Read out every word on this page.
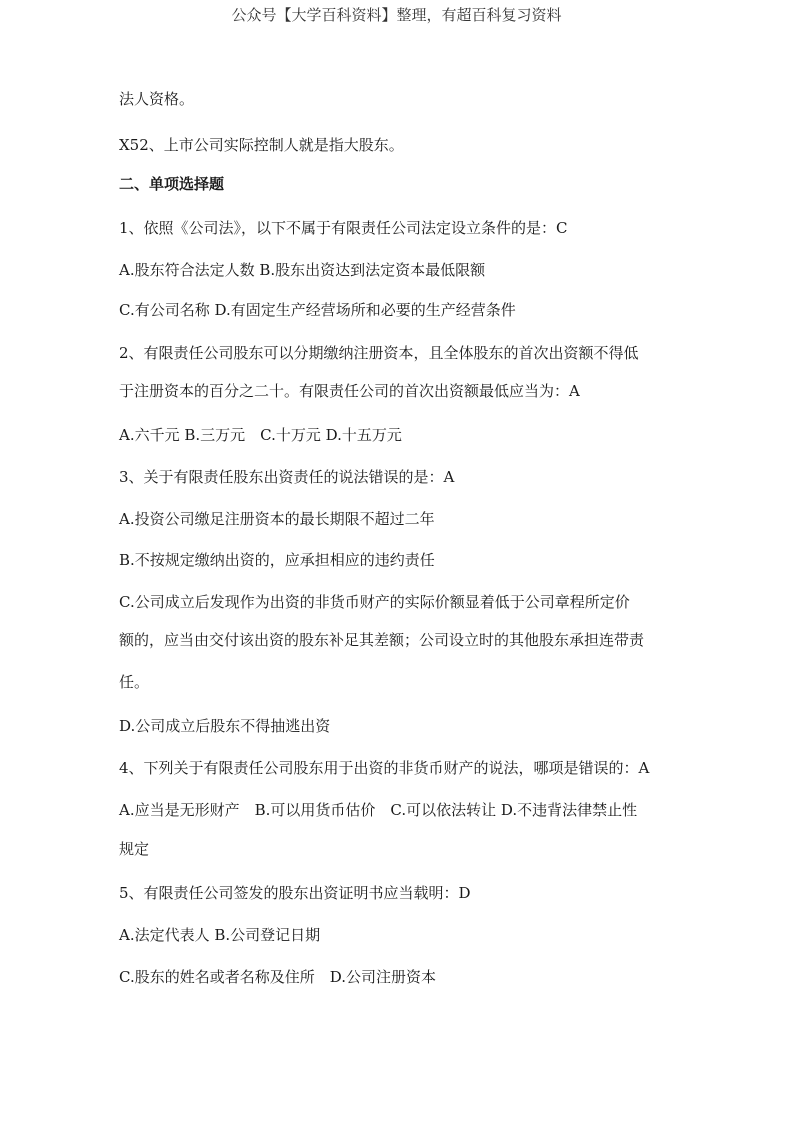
公众号【大学百科资料】整理，有超百科复习资料

法人资格。

X52、上市公司实际控制人就是指大股东。

二、单项选择题

1、依照《公司法》，以下不属于有限责任公司法定设立条件的是：C

A.股东符合法定人数 B.股东出资达到法定资本最低限额

C.有公司名称 D.有固定生产经营场所和必要的生产经营条件

2、有限责任公司股东可以分期缴纳注册资本，且全体股东的首次出资额不得低

于注册资本的百分之二十。有限责任公司的首次出资额最低应当为：A

A.六千元 B.三万元　C.十万元 D.十五万元

3、关于有限责任股东出资责任的说法错误的是：A

A.投资公司缴足注册资本的最长期限不超过二年

B.不按规定缴纳出资的，应承担相应的违约责任

C.公司成立后发现作为出资的非货币财产的实际价额显着低于公司章程所定价

额的，应当由交付该出资的股东补足其差额；公司设立时的其他股东承担连带责

任。

D.公司成立后股东不得抽逃出资

4、下列关于有限责任公司股东用于出资的非货币财产的说法，哪项是错误的：A

A.应当是无形财产　B.可以用货币估价　C.可以依法转让 D.不违背法律禁止性

规定

5、有限责任公司签发的股东出资证明书应当载明：D

A.法定代表人 B.公司登记日期

C.股东的姓名或者名称及住所　D.公司注册资本
